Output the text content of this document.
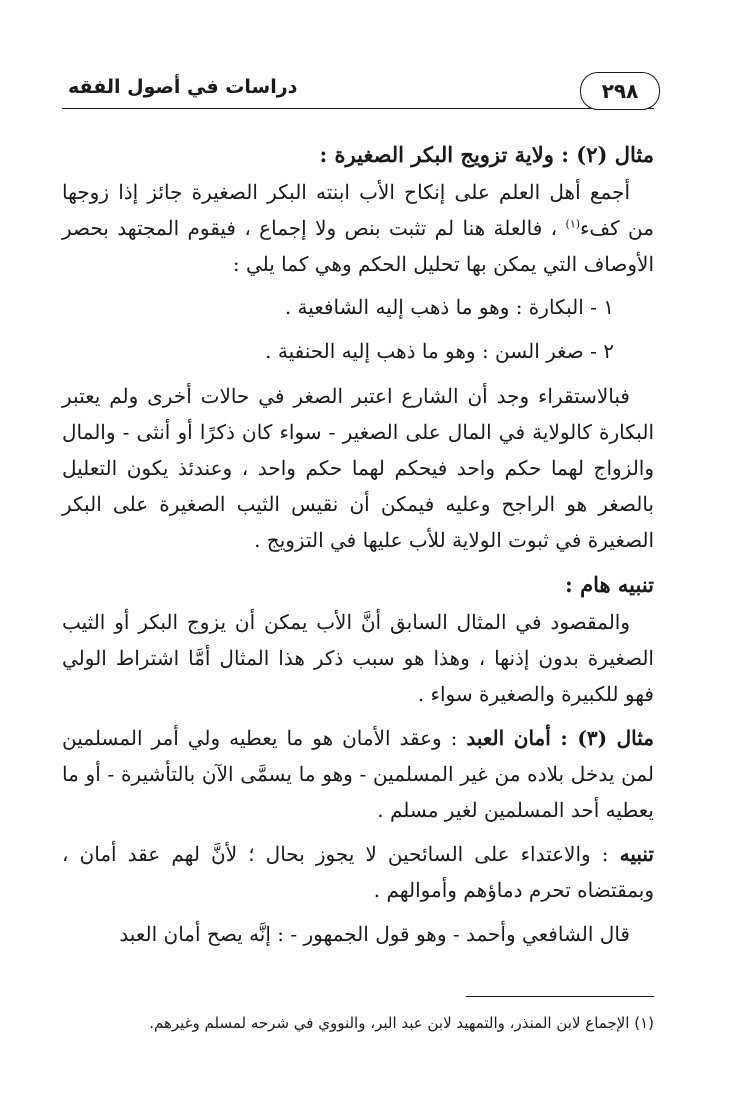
دراسات في أصول الفقه	٢٩٨

مثال (٢) : ولاية تزويج البكر الصغيرة :

أجمع أهل العلم على إنكاح الأب ابنته البكر الصغيرة جائز إذا زوجها من كفء$^{(١)}$ ، فالعلة هنا لم تثبت بنص ولا إجماع ، فيقوم المجتهد بحصر الأوصاف التي يمكن بها تحليل الحكم وهي كما يلي :

١ - البكارة : وهو ما ذهب إليه الشافعية .

٢ - صغر السن : وهو ما ذهب إليه الحنفية .

فبالاستقراء وجد أن الشارع اعتبر الصغر في حالات أخرى ولم يعتبر البكارة كالولاية في المال على الصغير - سواء كان ذكرًا أو أنثى - والمال والزواج لهما حكم واحد فيحكم لهما حكم واحد ، وعندئذ يكون التعليل بالصغر هو الراجح وعليه فيمكن أن نقيس الثيب الصغيرة على البكر الصغيرة في ثبوت الولاية للأب عليها في التزويج .

تنبيه هام :

والمقصود في المثال السابق أنَّ الأب يمكن أن يزوج البكر أو الثيب الصغيرة بدون إذنها ، وهذا هو سبب ذكر هذا المثال أمَّا اشتراط الولي فهو للكبيرة والصغيرة سواء .

مثال (٣) : أمان العبد : وعقد الأمان هو ما يعطيه ولي أمر المسلمين لمن يدخل بلاده من غير المسلمين - وهو ما يسمَّى الآن بالتأشيرة - أو ما يعطيه أحد المسلمين لغير مسلم .

تنبيه : والاعتداء على السائحين لا يجوز بحال ؛ لأنَّ لهم عقد أمان ، وبمقتضاه تحرم دماؤهم وأموالهم .

قال الشافعي وأحمد - وهو قول الجمهور - : إنَّه يصح أمان العبد

(١) الإجماع لابن المنذر، والتمهيد لابن عبد البر، والنووي في شرحه لمسلم وغيرهم.
